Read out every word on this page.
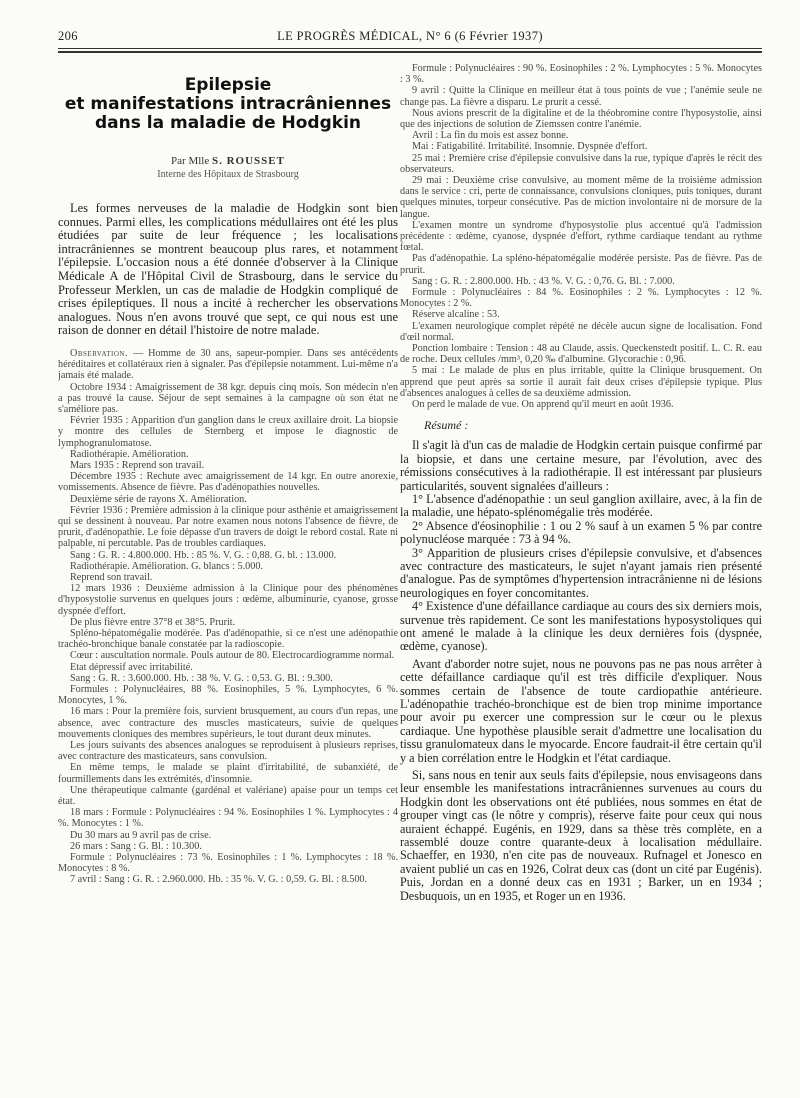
206	LE PROGRÈS MÉDICAL, N° 6 (6 Février 1937)
Epilepsie
et manifestations intracrâniennes
dans la maladie de Hodgkin
Par Mlle S. ROUSSET
Interne des Hôpitaux de Strasbourg
Les formes nerveuses de la maladie de Hodgkin sont bien connues. Parmi elles, les complications médullaires ont été les plus étudiées par suite de leur fréquence ; les localisations intracrâniennes se montrent beaucoup plus rares, et notamment l'épilepsie. L'occasion nous a été donnée d'observer à la Clinique Médicale A de l'Hôpital Civil de Strasbourg, dans le service du Professeur Merklen, un cas de maladie de Hodgkin compliqué de crises épileptiques. Il nous a incité à rechercher les observations analogues. Nous n'en avons trouvé que sept, ce qui nous est une raison de donner en détail l'histoire de notre malade.

Observation. — Homme de 30 ans, sapeur-pompier. Dans ses antécédents héréditaires et collatéraux rien à signaler. Pas d'épilepsie notamment. Lui-même n'a jamais été malade.

Octobre 1934 : Amaigrissement de 38 kgr. depuis cinq mois. Son médecin n'en a pas trouvé la cause. Séjour de sept semaines à la campagne où son état ne s'améliore pas.

Février 1935 : Apparition d'un ganglion dans le creux axillaire droit. La biopsie y montre des cellules de Sternberg et impose le diagnostic de lymphogranulomatose.

Radiothérapie. Amélioration.

Mars 1935 : Reprend son travail.

Décembre 1935 : Rechute avec amaigrissement de 14 kgr. En outre anorexie, vomissements. Absence de fièvre. Pas d'adénopathies nouvelles.

Deuxième série de rayons X. Amélioration.

Février 1936 : Première admission à la clinique pour asthénie et amaigrissement qui se dessinent à nouveau. Par notre examen nous notons l'absence de fièvre, de prurit, d'adénopathie. Le foie dépasse d'un travers de doigt le rebord costal. Rate ni palpable, ni percutable. Pas de troubles cardiaques.

Sang : G. R. : 4.800.000. Hb. : 85 %. V. G. : 0,88. G. bl. : 13.000.

Radiothérapie. Amélioration. G. blancs : 5.000.

Reprend son travail.

12 mars 1936 : Deuxième admission à la Clinique pour des phénomènes d'hyposystolie survenus en quelques jours : œdème, albuminurie, cyanose, grosse dyspnée d'effort.

De plus fièvre entre 37°8 et 38°5. Prurit.

Spléno-hépatomégalie modérée. Pas d'adénopathie, si ce n'est une adénopathie trachéo-bronchique banale constatée par la radioscopie.

Cœur : auscultation normale. Pouls autour de 80. Electrocardiogramme normal.

Etat dépressif avec irritabilité.

Sang : G. R. : 3.600.000. Hb. : 38 %. V. G. : 0,53. G. Bl. : 9.300.

Formules : Polynucléaires, 88 %. Eosinophiles, 5 %. Lymphocytes, 6 %. Monocytes, 1 %.

16 mars : Pour la première fois, survient brusquement, au cours d'un repas, une absence, avec contracture des muscles masticateurs, suivie de quelques mouvements cloniques des membres supérieurs, le tout durant deux minutes.

Les jours suivants des absences analogues se reproduisent à plusieurs reprises, avec contracture des masticateurs, sans convulsion.

En même temps, le malade se plaint d'irritabilité, de subanxiété, de fourmillements dans les extrémités, d'insomnie.

Une thérapeutique calmante (gardénal et valériane) apaise pour un temps cet état.

18 mars : Formule : Polynucléaires : 94 %. Eosinophiles 1 %. Lymphocytes : 4 %. Monocytes : 1 %.

Du 30 mars au 9 avril pas de crise.

26 mars : Sang : G. Bl. : 10.300.

Formule : Polynucléaires : 73 %. Eosinophiles : 1 %. Lymphocytes : 18 %. Monocytes : 8 %.

7 avril : Sang : G. R. : 2.960.000. Hb. : 35 %. V. G. : 0,59. G. Bl. : 8.500.

Formule : Polynucléaires : 90 %. Eosinophiles : 2 %. Lymphocytes : 5 %. Monocytes : 3 %.

9 avril : Quitte la Clinique en meilleur état à tous points de vue ; l'anémie seule ne change pas. La fièvre a disparu. Le prurit a cessé.

Nous avions prescrit de la digitaline et de la théobromine contre l'hyposystolie, ainsi que des injections de solution de Ziemssen contre l'anémie.

Avril : La fin du mois est assez bonne.

Mai : Fatigabilité. Irritabilité. Insomnie. Dyspnée d'effort.

25 mai : Première crise d'épilepsie convulsive dans la rue, typique d'après le récit des observateurs.

29 mai : Deuxième crise convulsive, au moment même de la troisième admission dans le service : cri, perte de connaissance, convulsions cloniques, puis toniques, durant quelques minutes, torpeur consécutive. Pas de miction involontaire ni de morsure de la langue.

L'examen montre un syndrome d'hyposystolie plus accentué qu'à l'admission précédente : œdème, cyanose, dyspnée d'effort, rythme cardiaque tendant au rythme fœtal.

Pas d'adénopathie. La spléno-hépatomégalie modérée persiste. Pas de fièvre. Pas de prurit.

Sang : G. R. : 2.800.000. Hb. : 43 %. V. G. : 0,76. G. Bl. : 7.000.

Formule : Polynucléaires : 84 %. Eosinophiles : 2 %. Lymphocytes : 12 %. Monocytes : 2 %.

Réserve alcaline : 53.

L'examen neurologique complet répété ne décèle aucun signe de localisation. Fond d'œil normal.

Ponction lombaire : Tension : 48 au Claude, assis. Queckenstedt positif. L. C. R. eau de roche. Deux cellules /mm³, 0,20 ‰ d'albumine. Glycorachie : 0,96.

5 mai : Le malade de plus en plus irritable, quitte la Clinique brusquement. On apprend que peut après sa sortie il aurait fait deux crises d'épilepsie typique. Plus d'absences analogues à celles de sa deuxième admission.

On perd le malade de vue. On apprend qu'il meurt en août 1936.

Résumé :

Il s'agit là d'un cas de maladie de Hodgkin certain puisque confirmé par la biopsie, et dans une certaine mesure, par l'évolution, avec des rémissions consécutives à la radiothérapie. Il est intéressant par plusieurs particularités, souvent signalées d'ailleurs :

1° L'absence d'adénopathie : un seul ganglion axillaire, avec, à la fin de la maladie, une hépato-splénomégalie très modérée.

2° Absence d'éosinophilie : 1 ou 2 % sauf à un examen 5 % par contre polynucléose marquée : 73 à 94 %.

3° Apparition de plusieurs crises d'épilepsie convulsive, et d'absences avec contracture des masticateurs, le sujet n'ayant jamais rien présenté d'analogue. Pas de symptômes d'hypertension intracrânienne ni de lésions neurologiques en foyer concomitantes.

4° Existence d'une défaillance cardiaque au cours des six derniers mois, survenue très rapidement. Ce sont les manifestations hyposystoliques qui ont amené le malade à la clinique les deux dernières fois (dyspnée, œdème, cyanose).

Avant d'aborder notre sujet, nous ne pouvons pas ne pas nous arrêter à cette défaillance cardiaque qu'il est très difficile d'expliquer. Nous sommes certain de l'absence de toute cardiopathie antérieure. L'adénopathie trachéo-bronchique est de bien trop minime importance pour avoir pu exercer une compression sur le cœur ou le plexus cardiaque. Une hypothèse plausible serait d'admettre une localisation du tissu granulomateux dans le myocarde. Encore faudrait-il être certain qu'il y a bien corrélation entre le Hodgkin et l'état cardiaque.

Si, sans nous en tenir aux seuls faits d'épilepsie, nous envisageons dans leur ensemble les manifestations intracrâniennes survenues au cours du Hodgkin dont les observations ont été publiées, nous sommes en état de grouper vingt cas (le nôtre y compris), réserve faite pour ceux qui nous auraient échappé. Eugénis, en 1929, dans sa thèse très complète, en a rassemblé douze contre quarante-deux à localisation médullaire. Schaeffer, en 1930, n'en cite pas de nouveaux. Rufnagel et Jonesco en avaient publié un cas en 1926, Colrat deux cas (dont un cité par Eugénis). Puis, Jordan en a donné deux cas en 1931 ; Barker, un en 1934 ; Desbuquois, un en 1935, et Roger un en 1936.
